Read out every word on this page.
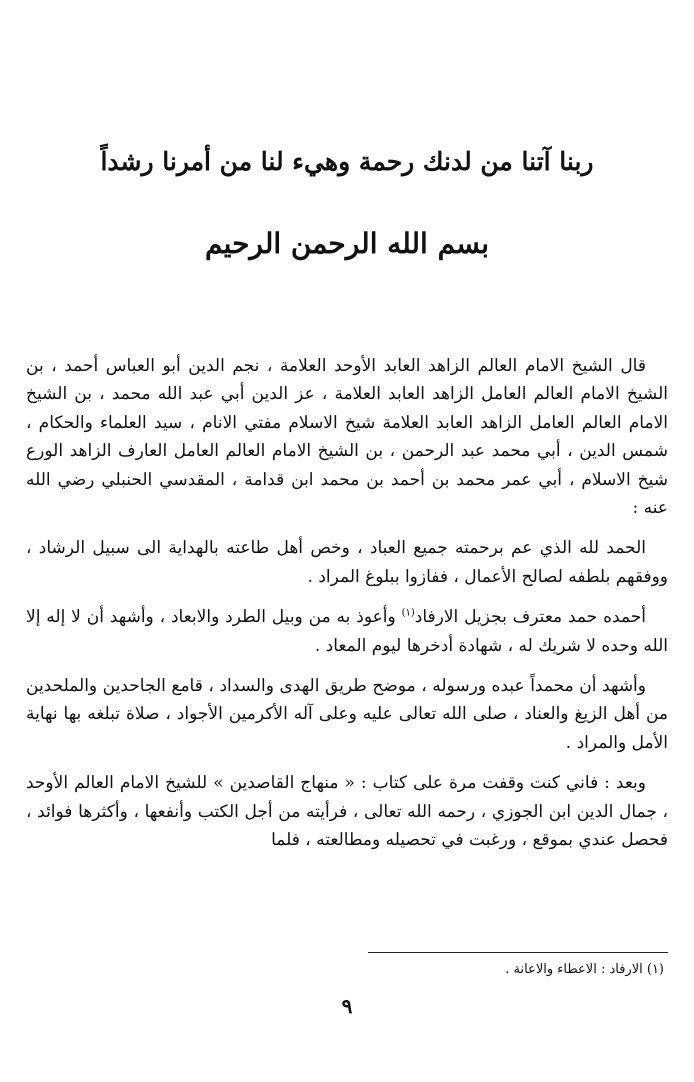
ربنا آتنا من لدنك رحمة وهيء لنا من أمرنا رشداً
بسم الله الرحمن الرحيم

قال الشيخ الامام العالم الزاهد العابد الأوحد العلامة ، نجم الدين أبو العباس أحمد ، بن الشيخ الامام العالم العامل الزاهد العابد العلامة ، عز الدين أبي عبد الله محمد ، بن الشيخ الامام العالم العامل الزاهد العابد العلامة شيخ الاسلام مفتي الانام ، سيد العلماء والحكام ، شمس الدين ، أبي محمد عبد الرحمن ، بن الشيخ الامام العالم العامل العارف الزاهد الورع شيخ الاسلام ، أبي عمر محمد بن أحمد بن محمد ابن قدامة ، المقدسي الحنبلي رضي الله عنه :

الحمد لله الذي عم برحمته جميع العباد ، وخص أهل طاعته بالهداية الى سبيل الرشاد ، ووفقهم بلطفه لصالح الأعمال ، ففازوا ببلوغ المراد .

أحمده حمد معترف بجزيل الارفاد$^{(١)}$ وأعوذ به من وبيل الطرد والابعاد ، وأشهد أن لا إله إلا الله وحده لا شريك له ، شهادة أدخرها ليوم المعاد .

وأشهد أن محمداً عبده ورسوله ، موضح طريق الهدى والسداد ، قامع الجاحدين والملحدين من أهل الزيغ والعناد ، صلى الله تعالى عليه وعلى آله الأكرمين الأجواد ، صلاة تبلغه بها نهاية الأمل والمراد .

وبعد : فاني كنت وقفت مرة على كتاب : « منهاج القاصدين » للشيخ الامام العالم الأوحد ، جمال الدين ابن الجوزي ، رحمه الله تعالى ، فرأيته من أجل الكتب وأنفعها ، وأكثرها فوائد ، فحصل عندي بموقع ، ورغبت في تحصيله ومطالعته ، فلما

(١) الارفاد : الاعطاء والاعانة .
٩
